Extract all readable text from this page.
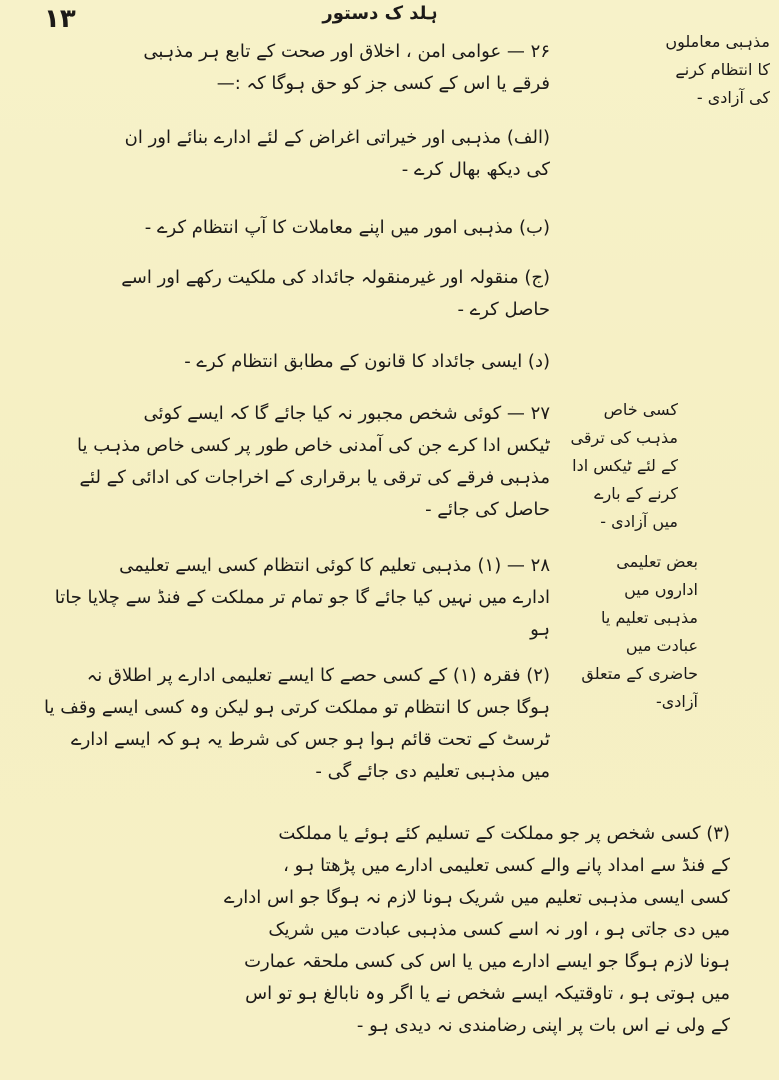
١٣	ہلد ک دستور
مذہبی معاملوں
کا انتظام کرنے
کی آزادی -
کسی خاص
مذہب کی ترقی
کے لئے ٹیکس ادا
کرنے کے بارے
میں آزادی -
بعض تعلیمی
اداروں میں
مذہبی تعلیم یا
عبادت میں
حاضری کے متعلق
آزادی-
۲۶ — عوامی امن ، اخلاق اور صحت کے تابع ہر مذہبی
فرقے یا اس کے کسی جز کو حق ہوگا کہ :—
(الف) مذہبی اور خیراتی اغراض کے لئے ادارے بنائے اور ان
کی دیکھ بھال کرے -
(ب) مذہبی امور میں اپنے معاملات کا آپ انتظام کرے -
(ج) منقولہ اور غیرمنقولہ جائداد کی ملکیت رکھے اور اسے
حاصل کرے -
(د) ایسی جائداد کا قانون کے مطابق انتظام کرے -
۲۷ — کوئی شخص مجبور نہ کیا جائے گا کہ ایسے کوئی
ٹیکس ادا کرے جن کی آمدنی خاص طور پر کسی خاص مذہب یا
مذہبی فرقے کی ترقی یا برقراری کے اخراجات کی ادائی کے لئے
حاصل کی جائے -
۲۸ — (۱) مذہبی تعلیم کا کوئی انتظام کسی ایسے تعلیمی
ادارے میں نہیں کیا جائے گا جو تمام تر مملکت کے فنڈ سے چلایا جاتا
ہو
(۲) فقرہ (۱) کے کسی حصے کا ایسے تعلیمی ادارے پر اطلاق نہ
ہوگا جس کا انتظام تو مملکت کرتی ہو لیکن وہ کسی ایسے وقف یا
ٹرسٹ کے تحت قائم ہوا ہو جس کی شرط یہ ہو کہ ایسے ادارے
میں مذہبی تعلیم دی جائے گی -
(۳) کسی شخص پر جو مملکت کے تسلیم کئے ہوئے یا مملکت
کے فنڈ سے امداد پانے والے کسی تعلیمی ادارے میں پڑھتا ہو ،
کسی ایسی مذہبی تعلیم میں شریک ہونا لازم نہ ہوگا جو اس ادارے
میں دی جاتی ہو ، اور نہ اسے کسی مذہبی عبادت میں شریک
ہونا لازم ہوگا جو ایسے ادارے میں یا اس کی کسی ملحقہ عمارت
میں ہوتی ہو ، تاوقتیکہ ایسے شخص نے یا اگر وہ نابالغ ہو تو اس
کے ولی نے اس بات پر اپنی رضامندی نہ دیدی ہو -
